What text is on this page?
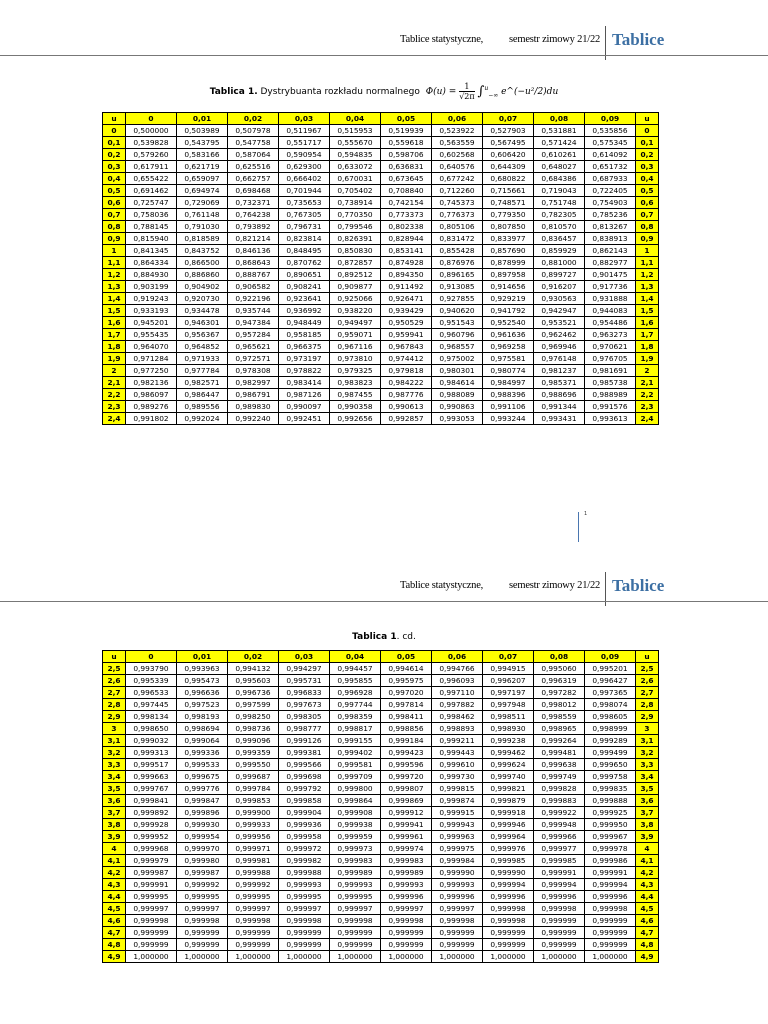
Tablice statystyczne, semestr zimowy 21/22 Tablice
Tablica 1. Dystrybuanta rozkładu normalnego $\Phi(u) = \frac{1}{√2\pi} \int^u_{-\infty}$ e^(−u²/2)du
u	0	0,01	0,02	0,03	0,04	0,05	0,06	0,07	0,08	0,09	u
0	0,500000	0,503989	0,507978	0,511967	0,515953	0,519939	0,523922	0,527903	0,531881	0,535856	0
0,1	0,539828	0,543795	0,547758	0,551717	0,555670	0,559618	0,563559	0,567495	0,571424	0,575345	0,1
0,2	0,579260	0,583166	0,587064	0,590954	0,594835	0,598706	0,602568	0,606420	0,610261	0,614092	0,2
0,3	0,617911	0,621719	0,625516	0,629300	0,633072	0,636831	0,640576	0,644309	0,648027	0,651732	0,3
0,4	0,655422	0,659097	0,662757	0,666402	0,670031	0,673645	0,677242	0,680822	0,684386	0,687933	0,4
0,5	0,691462	0,694974	0,698468	0,701944	0,705402	0,708840	0,712260	0,715661	0,719043	0,722405	0,5
0,6	0,725747	0,729069	0,732371	0,735653	0,738914	0,742154	0,745373	0,748571	0,751748	0,754903	0,6
0,7	0,758036	0,761148	0,764238	0,767305	0,770350	0,773373	0,776373	0,779350	0,782305	0,785236	0,7
0,8	0,788145	0,791030	0,793892	0,796731	0,799546	0,802338	0,805106	0,807850	0,810570	0,813267	0,8
0,9	0,815940	0,818589	0,821214	0,823814	0,826391	0,828944	0,831472	0,833977	0,836457	0,838913	0,9
1	0,841345	0,843752	0,846136	0,848495	0,850830	0,853141	0,855428	0,857690	0,859929	0,862143	1
1,1	0,864334	0,866500	0,868643	0,870762	0,872857	0,874928	0,876976	0,878999	0,881000	0,882977	1,1
1,2	0,884930	0,886860	0,888767	0,890651	0,892512	0,894350	0,896165	0,897958	0,899727	0,901475	1,2
1,3	0,903199	0,904902	0,906582	0,908241	0,909877	0,911492	0,913085	0,914656	0,916207	0,917736	1,3
1,4	0,919243	0,920730	0,922196	0,923641	0,925066	0,926471	0,927855	0,929219	0,930563	0,931888	1,4
1,5	0,933193	0,934478	0,935744	0,936992	0,938220	0,939429	0,940620	0,941792	0,942947	0,944083	1,5
1,6	0,945201	0,946301	0,947384	0,948449	0,949497	0,950529	0,951543	0,952540	0,953521	0,954486	1,6
1,7	0,955435	0,956367	0,957284	0,958185	0,959071	0,959941	0,960796	0,961636	0,962462	0,963273	1,7
1,8	0,964070	0,964852	0,965621	0,966375	0,967116	0,967843	0,968557	0,969258	0,969946	0,970621	1,8
1,9	0,971284	0,971933	0,972571	0,973197	0,973810	0,974412	0,975002	0,975581	0,976148	0,976705	1,9
2	0,977250	0,977784	0,978308	0,978822	0,979325	0,979818	0,980301	0,980774	0,981237	0,981691	2
2,1	0,982136	0,982571	0,982997	0,983414	0,983823	0,984222	0,984614	0,984997	0,985371	0,985738	2,1
2,2	0,986097	0,986447	0,986791	0,987126	0,987455	0,987776	0,988089	0,988396	0,988696	0,988989	2,2
2,3	0,989276	0,989556	0,989830	0,990097	0,990358	0,990613	0,990863	0,991106	0,991344	0,991576	2,3
2,4	0,991802	0,992024	0,992240	0,992451	0,992656	0,992857	0,993053	0,993244	0,993431	0,993613	2,4
1
Tablice statystyczne, semestr zimowy 21/22 Tablice
Tablica 1. cd.
u	0	0,01	0,02	0,03	0,04	0,05	0,06	0,07	0,08	0,09	u
2,5	0,993790	0,993963	0,994132	0,994297	0,994457	0,994614	0,994766	0,994915	0,995060	0,995201	2,5
2,6	0,995339	0,995473	0,995603	0,995731	0,995855	0,995975	0,996093	0,996207	0,996319	0,996427	2,6
2,7	0,996533	0,996636	0,996736	0,996833	0,996928	0,997020	0,997110	0,997197	0,997282	0,997365	2,7
2,8	0,997445	0,997523	0,997599	0,997673	0,997744	0,997814	0,997882	0,997948	0,998012	0,998074	2,8
2,9	0,998134	0,998193	0,998250	0,998305	0,998359	0,998411	0,998462	0,998511	0,998559	0,998605	2,9
3	0,998650	0,998694	0,998736	0,998777	0,998817	0,998856	0,998893	0,998930	0,998965	0,998999	3
3,1	0,999032	0,999064	0,999096	0,999126	0,999155	0,999184	0,999211	0,999238	0,999264	0,999289	3,1
3,2	0,999313	0,999336	0,999359	0,999381	0,999402	0,999423	0,999443	0,999462	0,999481	0,999499	3,2
3,3	0,999517	0,999533	0,999550	0,999566	0,999581	0,999596	0,999610	0,999624	0,999638	0,999650	3,3
3,4	0,999663	0,999675	0,999687	0,999698	0,999709	0,999720	0,999730	0,999740	0,999749	0,999758	3,4
3,5	0,999767	0,999776	0,999784	0,999792	0,999800	0,999807	0,999815	0,999821	0,999828	0,999835	3,5
3,6	0,999841	0,999847	0,999853	0,999858	0,999864	0,999869	0,999874	0,999879	0,999883	0,999888	3,6
3,7	0,999892	0,999896	0,999900	0,999904	0,999908	0,999912	0,999915	0,999918	0,999922	0,999925	3,7
3,8	0,999928	0,999930	0,999933	0,999936	0,999938	0,999941	0,999943	0,999946	0,999948	0,999950	3,8
3,9	0,999952	0,999954	0,999956	0,999958	0,999959	0,999961	0,999963	0,999964	0,999966	0,999967	3,9
4	0,999968	0,999970	0,999971	0,999972	0,999973	0,999974	0,999975	0,999976	0,999977	0,999978	4
4,1	0,999979	0,999980	0,999981	0,999982	0,999983	0,999983	0,999984	0,999985	0,999985	0,999986	4,1
4,2	0,999987	0,999987	0,999988	0,999988	0,999989	0,999989	0,999990	0,999990	0,999991	0,999991	4,2
4,3	0,999991	0,999992	0,999992	0,999993	0,999993	0,999993	0,999993	0,999994	0,999994	0,999994	4,3
4,4	0,999995	0,999995	0,999995	0,999995	0,999995	0,999996	0,999996	0,999996	0,999996	0,999996	4,4
4,5	0,999997	0,999997	0,999997	0,999997	0,999997	0,999997	0,999997	0,999998	0,999998	0,999998	4,5
4,6	0,999998	0,999998	0,999998	0,999998	0,999998	0,999998	0,999998	0,999998	0,999999	0,999999	4,6
4,7	0,999999	0,999999	0,999999	0,999999	0,999999	0,999999	0,999999	0,999999	0,999999	0,999999	4,7
4,8	0,999999	0,999999	0,999999	0,999999	0,999999	0,999999	0,999999	0,999999	0,999999	0,999999	4,8
4,9	1,000000	1,000000	1,000000	1,000000	1,000000	1,000000	1,000000	1,000000	1,000000	1,000000	4,9
